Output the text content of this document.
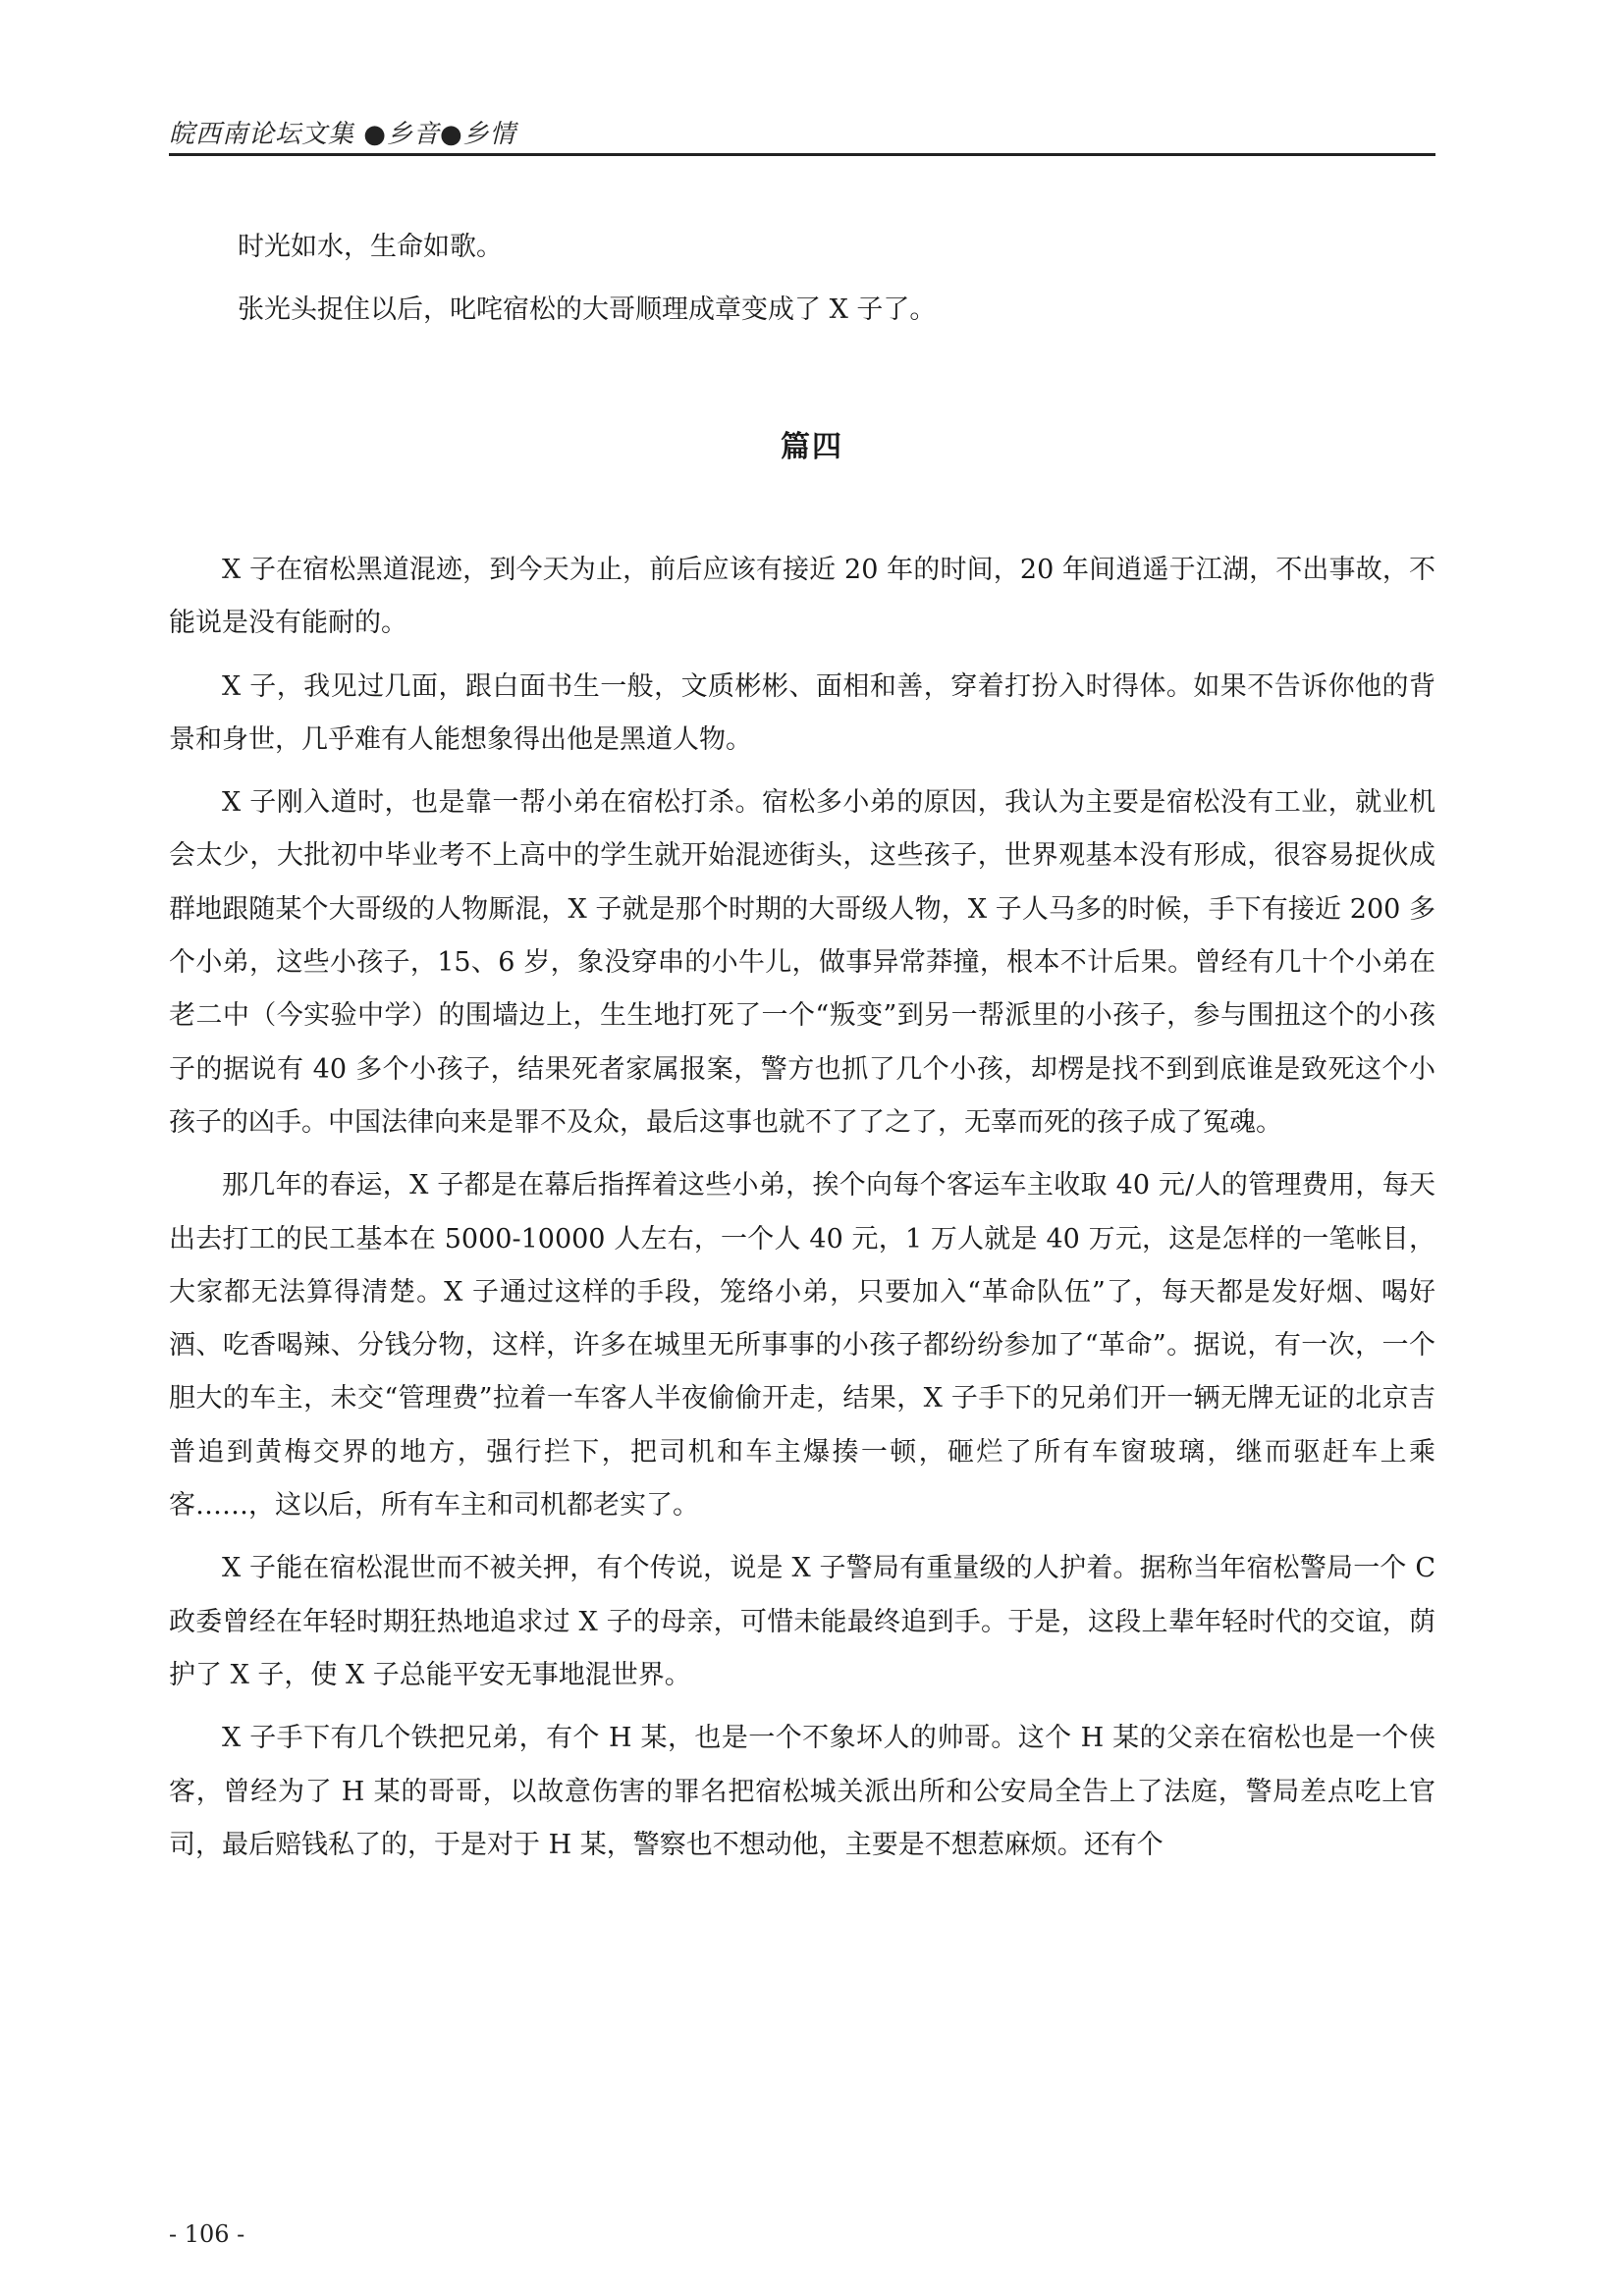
皖西南论坛文集 ●乡音●乡情

时光如水，生命如歌。

张光头捉住以后，叱咤宿松的大哥顺理成章变成了 X 子了。

篇四

X 子在宿松黑道混迹，到今天为止，前后应该有接近 20 年的时间，20 年间逍遥于江湖，不出事故，不能说是没有能耐的。

X 子，我见过几面，跟白面书生一般，文质彬彬、面相和善，穿着打扮入时得体。如果不告诉你他的背景和身世，几乎难有人能想象得出他是黑道人物。

X 子刚入道时，也是靠一帮小弟在宿松打杀。宿松多小弟的原因，我认为主要是宿松没有工业，就业机会太少，大批初中毕业考不上高中的学生就开始混迹街头，这些孩子，世界观基本没有形成，很容易捉伙成群地跟随某个大哥级的人物厮混，X 子就是那个时期的大哥级人物，X 子人马多的时候，手下有接近 200 多个小弟，这些小孩子，15、6 岁，象没穿串的小牛儿，做事异常莽撞，根本不计后果。曾经有几十个小弟在老二中（今实验中学）的围墙边上，生生地打死了一个“叛变”到另一帮派里的小孩子，参与围扭这个的小孩子的据说有 40 多个小孩子，结果死者家属报案，警方也抓了几个小孩，却楞是找不到到底谁是致死这个小孩子的凶手。中国法律向来是罪不及众，最后这事也就不了了之了，无辜而死的孩子成了冤魂。

那几年的春运，X 子都是在幕后指挥着这些小弟，挨个向每个客运车主收取 40 元/人的管理费用，每天出去打工的民工基本在 5000-10000 人左右，一个人 40 元，1 万人就是 40 万元，这是怎样的一笔帐目，大家都无法算得清楚。X 子通过这样的手段，笼络小弟，只要加入“革命队伍”了，每天都是发好烟、喝好酒、吃香喝辣、分钱分物，这样，许多在城里无所事事的小孩子都纷纷参加了“革命”。据说，有一次，一个胆大的车主，未交“管理费”拉着一车客人半夜偷偷开走，结果，X 子手下的兄弟们开一辆无牌无证的北京吉普追到黄梅交界的地方，强行拦下，把司机和车主爆揍一顿，砸烂了所有车窗玻璃，继而驱赶车上乘客……，这以后，所有车主和司机都老实了。

X 子能在宿松混世而不被关押，有个传说，说是 X 子警局有重量级的人护着。据称当年宿松警局一个 C 政委曾经在年轻时期狂热地追求过 X 子的母亲，可惜未能最终追到手。于是，这段上辈年轻时代的交谊，荫护了 X 子，使 X 子总能平安无事地混世界。

X 子手下有几个铁把兄弟，有个 H 某，也是一个不象坏人的帅哥。这个 H 某的父亲在宿松也是一个侠客，曾经为了 H 某的哥哥，以故意伤害的罪名把宿松城关派出所和公安局全告上了法庭，警局差点吃上官司，最后赔钱私了的，于是对于 H 某，警察也不想动他，主要是不想惹麻烦。还有个

- 106 -
